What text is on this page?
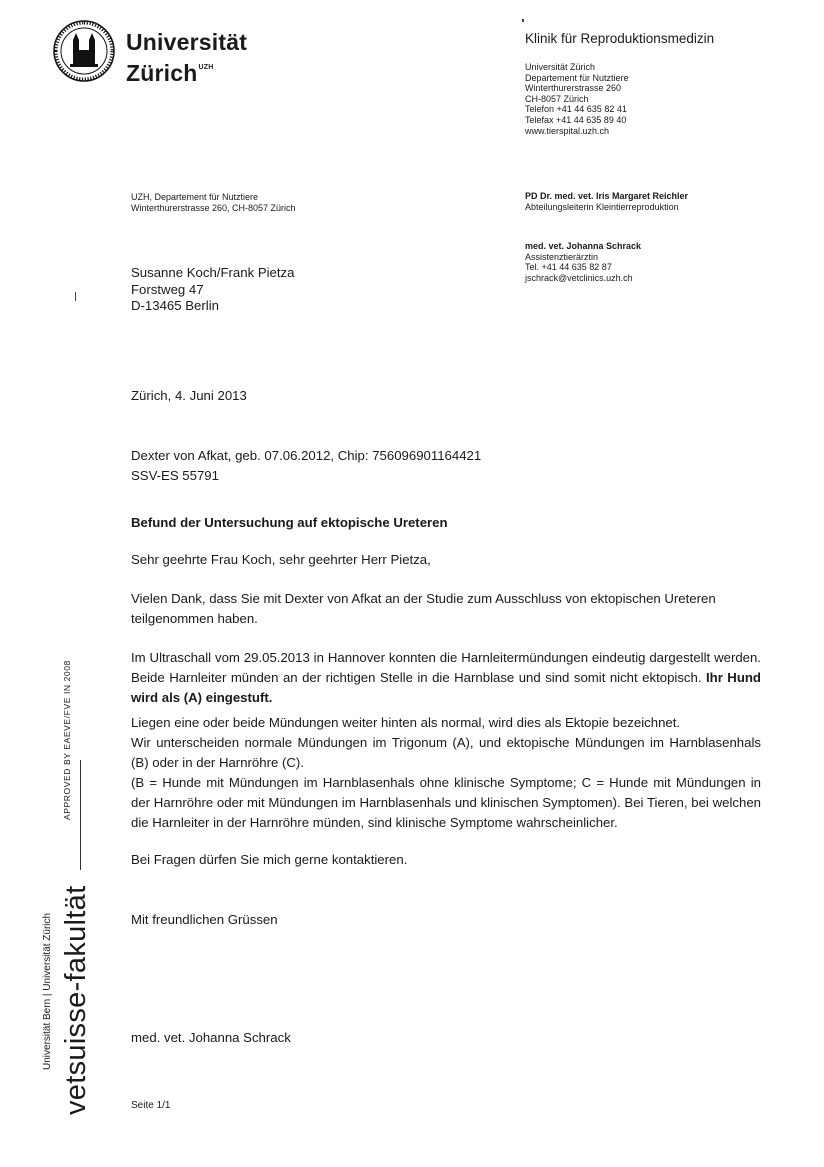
Universität
Zürich$^{UZH}$
Klinik für Reproduktionsmedizin
Universität Zürich
Departement für Nutztiere
Winterthurerstrasse 260
CH-8057 Zürich
Telefon +41 44 635 82 41
Telefax +41 44 635 89 40
www.tierspital.uzh.ch
UZH, Departement für Nutztiere
Winterthurerstrasse 260, CH-8057 Zürich
PD Dr. med. vet. Iris Margaret Reichler
Abteilungsleiterin Kleintierreproduktion
med. vet. Johanna Schrack
Assistenztierärztin
Tel. +41 44 635 82 87
jschrack@vetclinics.uzh.ch
Susanne Koch/Frank Pietza
Forstweg 47
D-13465 Berlin
Zürich, 4. Juni 2013
Dexter von Afkat, geb. 07.06.2012, Chip: 756096901164421
SSV-ES 55791
Befund der Untersuchung auf ektopische Ureteren
Sehr geehrte Frau Koch, sehr geehrter Herr Pietza,
Vielen Dank, dass Sie mit Dexter von Afkat an der Studie zum Ausschluss von ektopischen Ureteren teilgenommen haben.
Im Ultraschall vom 29.05.2013 in Hannover konnten die Harnleitermündungen eindeutig dargestellt werden. Beide Harnleiter münden an der richtigen Stelle in die Harnblase und sind somit nicht ektopisch. Ihr Hund wird als (A) eingestuft.
Liegen eine oder beide Mündungen weiter hinten als normal, wird dies als Ektopie bezeichnet.
Wir unterscheiden normale Mündungen im Trigonum (A), und ektopische Mündungen im Harnblasenhals (B) oder in der Harnröhre (C).
(B = Hunde mit Mündungen im Harnblasenhals ohne klinische Symptome; C = Hunde mit Mündungen in der Harnröhre oder mit Mündungen im Harnblasenhals und klinischen Symptomen). Bei Tieren, bei welchen die Harnleiter in der Harnröhre münden, sind klinische Symptome wahrscheinlicher.
Bei Fragen dürfen Sie mich gerne kontaktieren.
Mit freundlichen Grüssen
med. vet. Johanna Schrack
Seite 1/1
APPROVED BY EAEVE/FVE IN 2008
Universität Bern | Universität Zürich vetsuisse-fakultät
